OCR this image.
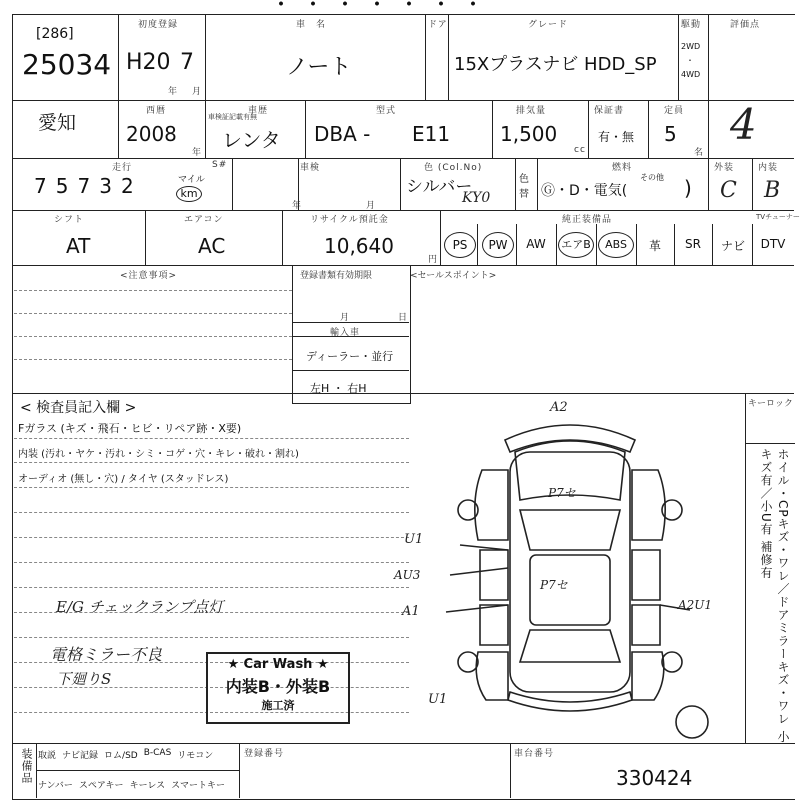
・・・・・・・
[286]
25034
初度登録
H20 7
年 月
車　名
ノート
ドア	グレード
15Xプラスナビ HDD_SP
駆動
2WD
・
4WD
評価点
4
愛知
西暦
2008
年
車歴
車検証記載有無
レンタ
型式
DBA - E11
排気量
1,500
cc
保証書
有・無
定員
5
名
走行
7 5 7 3 2	マイル
km
S#	車検
年	月
色 (Col.No)
シルバー
KY0
色替
燃料
Ⓖ・D・電気(
その他 )
外装
C
内装
B
シフト
AT
エアコン
AC
リサイクル預託金
10,640
円
純正装備品	TVチューナー
PS	PW	AW	エアB	ABS	革	SR	ナビ	DTV
<注意事項>	登録書類有効期限
月	日
輸入車
ディーラー・並行
左H ・ 右H
<セールスポイント>
< 検査員記入欄 >
Fガラス (キズ・飛石・ヒビ・リペア跡・X要)
内装 (汚れ・ヤケ・汚れ・シミ・コゲ・穴・キレ・破れ・割れ)
オーディオ (無し・穴) / タイヤ (スタッドレス)
E/G チェックランプ点灯
電格ミラー不良
下廻りS
★ Car Wash ★
内装B・外装B
施工済
キーロック
ホイル・CPキズ・ワレ／ドアミラーキズ・ワレ 小キズ有／小U有 補修有
A2
P7セ
U1
AU3
P7セ
A1	A2U1
U1
装備品 取説 ナビ記録 ロム/SD B-CAS リモコン
ナンバー スペアキー キーレス スマートキー
登録番号	車台番号
330424
